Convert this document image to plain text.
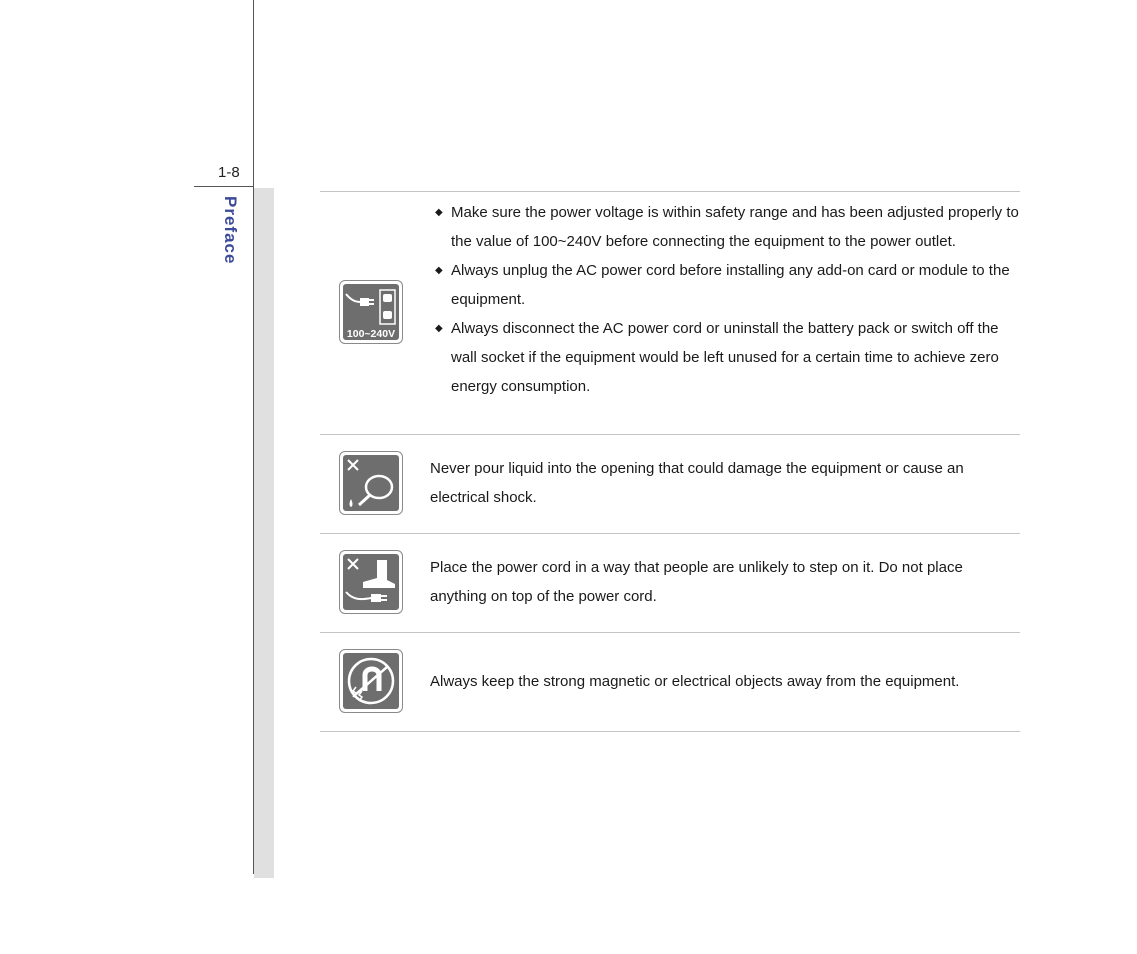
1-8
Preface
100~240V
◆ Make sure the power voltage is within safety range and has been adjusted properly to the value of 100~240V before connecting the equipment to the power outlet.
◆ Always unplug the AC power cord before installing any add-on card or module to the equipment.
◆ Always disconnect the AC power cord or uninstall the battery pack or switch off the wall socket if the equipment would be left unused for a certain time to achieve zero energy consumption.
Never pour liquid into the opening that could damage the equipment or cause an electrical shock.
Place the power cord in a way that people are unlikely to step on it. Do not place anything on top of the power cord.
Always keep the strong magnetic or electrical objects away from the equipment.
